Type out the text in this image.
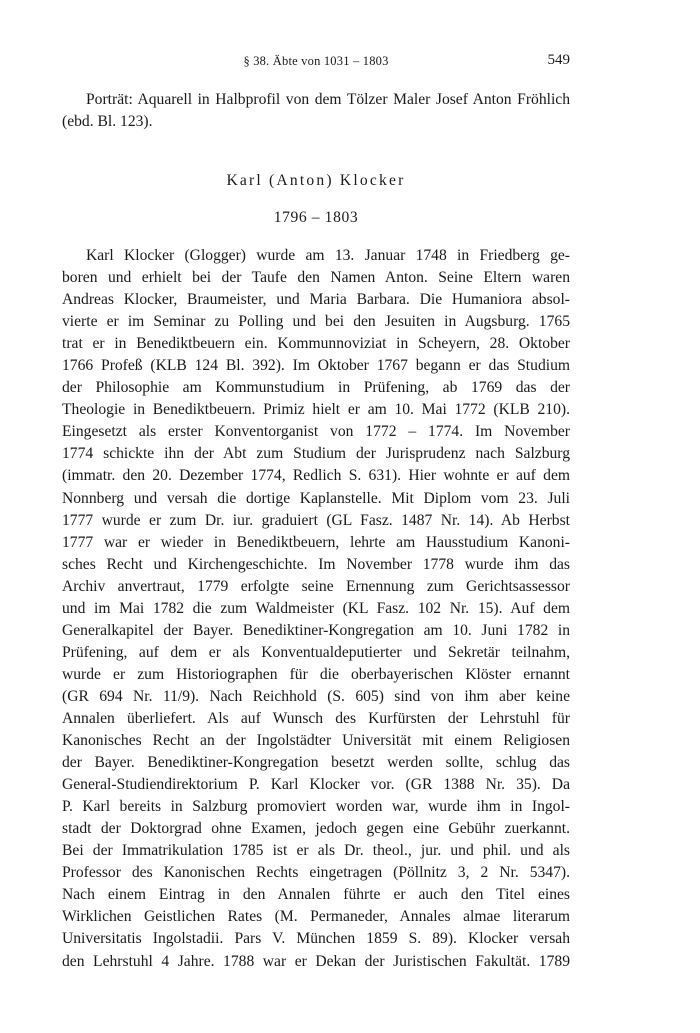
§ 38. Äbte von 1031 – 1803	549

Porträt: Aquarell in Halbprofil von dem Tölzer Maler Josef Anton Fröhlich (ebd. Bl. 123).

Karl (Anton) Klocker
1796 – 1803
Karl Klocker (Glogger) wurde am 13. Januar 1748 in Friedberg ge-
boren und erhielt bei der Taufe den Namen Anton. Seine Eltern waren
Andreas Klocker, Braumeister, und Maria Barbara. Die Humaniora absol-
vierte er im Seminar zu Polling und bei den Jesuiten in Augsburg. 1765
trat er in Benediktbeuern ein. Kommunnoviziat in Scheyern, 28. Oktober
1766 Profeß (KLB 124 Bl. 392). Im Oktober 1767 begann er das Studium
der Philosophie am Kommunstudium in Prüfening, ab 1769 das der
Theologie in Benediktbeuern. Primiz hielt er am 10. Mai 1772 (KLB 210).
Eingesetzt als erster Konventorganist von 1772 – 1774. Im November
1774 schickte ihn der Abt zum Studium der Jurisprudenz nach Salzburg
(immatr. den 20. Dezember 1774, Redlich S. 631). Hier wohnte er auf dem
Nonnberg und versah die dortige Kaplanstelle. Mit Diplom vom 23. Juli
1777 wurde er zum Dr. iur. graduiert (GL Fasz. 1487 Nr. 14). Ab Herbst
1777 war er wieder in Benediktbeuern, lehrte am Hausstudium Kanoni-
sches Recht und Kirchengeschichte. Im November 1778 wurde ihm das
Archiv anvertraut, 1779 erfolgte seine Ernennung zum Gerichtsassessor
und im Mai 1782 die zum Waldmeister (KL Fasz. 102 Nr. 15). Auf dem
Generalkapitel der Bayer. Benediktiner-Kongregation am 10. Juni 1782 in
Prüfening, auf dem er als Konventualdeputierter und Sekretär teilnahm,
wurde er zum Historiographen für die oberbayerischen Klöster ernannt
(GR 694 Nr. 11/9). Nach Reichhold (S. 605) sind von ihm aber keine
Annalen überliefert. Als auf Wunsch des Kurfürsten der Lehrstuhl für
Kanonisches Recht an der Ingolstädter Universität mit einem Religiosen
der Bayer. Benediktiner-Kongregation besetzt werden sollte, schlug das
General-Studiendirektorium P. Karl Klocker vor. (GR 1388 Nr. 35). Da
P. Karl bereits in Salzburg promoviert worden war, wurde ihm in Ingol-
stadt der Doktorgrad ohne Examen, jedoch gegen eine Gebühr zuerkannt.
Bei der Immatrikulation 1785 ist er als Dr. theol., jur. und phil. und als
Professor des Kanonischen Rechts eingetragen (Pöllnitz 3, 2 Nr. 5347).
Nach einem Eintrag in den Annalen führte er auch den Titel eines
Wirklichen Geistlichen Rates (M. Permaneder, Annales almae literarum
Universitatis Ingolstadii. Pars V. München 1859 S. 89). Klocker versah
den Lehrstuhl 4 Jahre. 1788 war er Dekan der Juristischen Fakultät. 1789
